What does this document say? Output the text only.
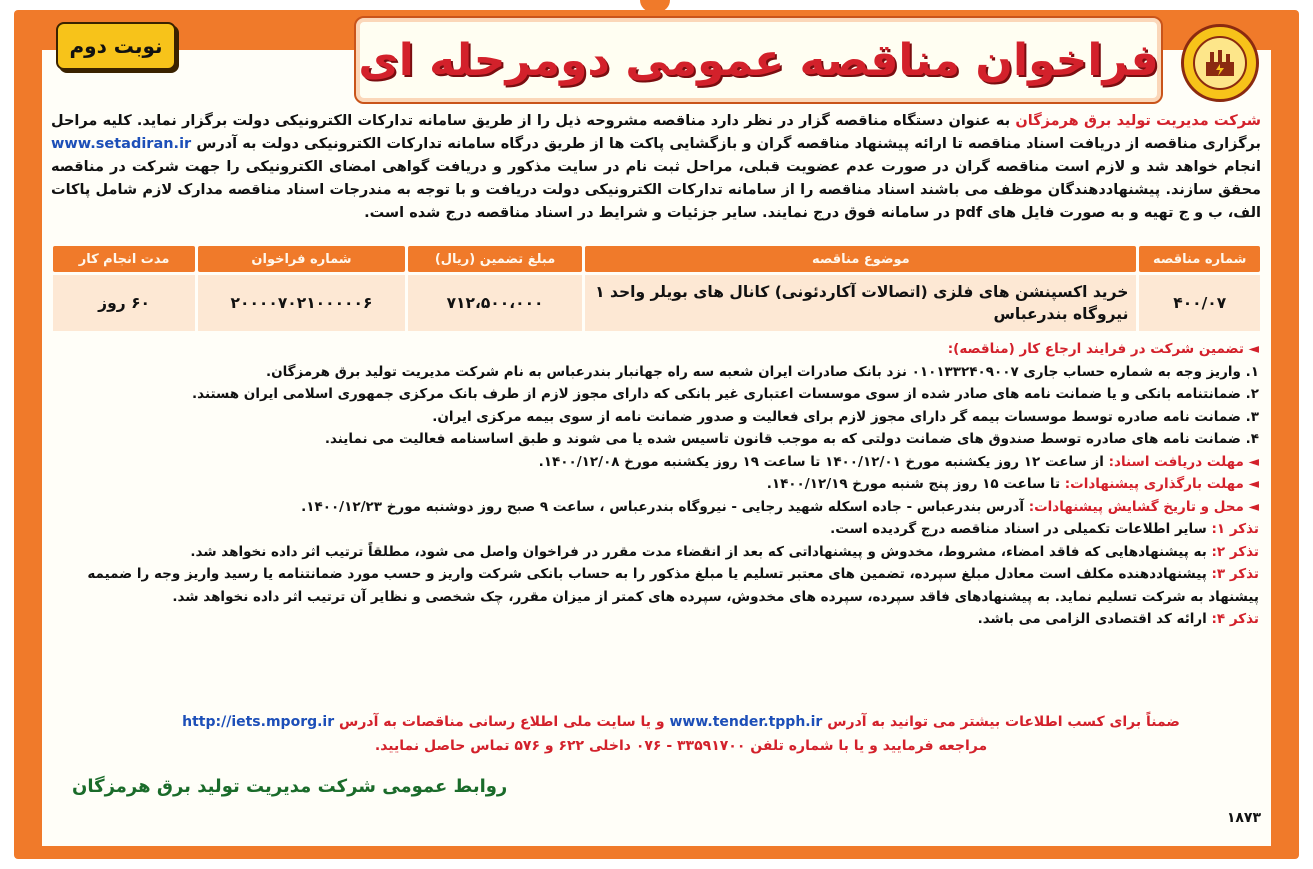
فراخوان مناقصه عمومی دومرحله ای
نوبت دوم
شرکت مدیریت تولید برق هرمزگان به عنوان دستگاه مناقصه گزار در نظر دارد مناقصه مشروحه ذیل را از طریق سامانه تدارکات الکترونیکی دولت برگزار نماید. کلیه مراحل برگزاری مناقصه از دریافت اسناد مناقصه تا ارائه پیشنهاد مناقصه گران و بازگشایی پاکت ها از طریق درگاه سامانه تدارکات الکترونیکی دولت به آدرس www.setadiran.ir انجام خواهد شد و لازم است مناقصه گران در صورت عدم عضویت قبلی، مراحل ثبت نام در سایت مذکور و دریافت گواهی امضای الکترونیکی را جهت شرکت در مناقصه محقق سازند. پیشنهاددهندگان موظف می باشند اسناد مناقصه را از سامانه تدارکات الکترونیکی دولت دریافت و با توجه به مندرجات اسناد مناقصه مدارک لازم شامل پاکات الف، ب و ج تهیه و به صورت فایل های pdf در سامانه فوق درج نمایند. سایر جزئیات و شرایط در اسناد مناقصه درج شده است.
شماره مناقصه	موضوع مناقصه	مبلغ تضمین (ریال)	شماره فراخوان	مدت انجام کار
۴۰۰/۰۷	خرید اکسپنشن های فلزی (اتصالات آکاردئونی) کانال های بویلر واحد ۱ نیروگاه بندرعباس	۷۱۲،۵۰۰،۰۰۰	۲۰۰۰۰۷۰۲۱۰۰۰۰۰۶	۶۰ روز
◄ تضمین شرکت در فرایند ارجاع کار (مناقصه):
۱. واریز وجه به شماره حساب جاری ۰۱۰۱۳۳۲۴۰۹۰۰۷ نزد بانک صادرات ایران شعبه سه راه جهانبار بندرعباس به نام شرکت مدیریت تولید برق هرمزگان.
۲. ضمانتنامه بانکی و یا ضمانت نامه های صادر شده از سوی موسسات اعتباری غیر بانکی که دارای مجوز لازم از طرف بانک مرکزی جمهوری اسلامی ایران هستند.
۳. ضمانت نامه صادره توسط موسسات بیمه گر دارای مجوز لازم برای فعالیت و صدور ضمانت نامه از سوی بیمه مرکزی ایران.
۴. ضمانت نامه های صادره توسط صندوق های ضمانت دولتی که به موجب قانون تاسیس شده یا می شوند و طبق اساسنامه فعالیت می نمایند.
◄ مهلت دریافت اسناد: از ساعت ۱۲ روز یکشنبه مورخ ۱۴۰۰/۱۲/۰۱ تا ساعت ۱۹ روز یکشنبه مورخ ۱۴۰۰/۱۲/۰۸.
◄ مهلت بارگذاری پیشنهادات: تا ساعت ۱۵ روز پنج شنبه مورخ ۱۴۰۰/۱۲/۱۹.
◄ محل و تاریخ گشایش پیشنهادات: آدرس بندرعباس - جاده اسکله شهید رجایی - نیروگاه بندرعباس ، ساعت ۹ صبح روز دوشنبه مورخ ۱۴۰۰/۱۲/۲۳.
تذکر ۱: سایر اطلاعات تکمیلی در اسناد مناقصه درج گردیده است.
تذکر ۲: به پیشنهادهایی که فاقد امضاء، مشروط، مخدوش و پیشنهاداتی که بعد از انقضاء مدت مقرر در فراخوان واصل می شود، مطلقاً ترتیب اثر داده نخواهد شد.
تذکر ۳: پیشنهاددهنده مکلف است معادل مبلغ سپرده، تضمین های معتبر تسلیم یا مبلغ مذکور را به حساب بانکی شرکت واریز و حسب مورد ضمانتنامه یا رسید واریز وجه را ضمیمه پیشنهاد به شرکت تسلیم نماید. به پیشنهادهای فاقد سپرده، سپرده های مخدوش، سپرده های کمتر از میزان مقرر، چک شخصی و نظایر آن ترتیب اثر داده نخواهد شد.
تذکر ۴: ارائه کد اقتصادی الزامی می باشد.
ضمناً برای کسب اطلاعات بیشتر می توانید به آدرس www.tender.tpph.ir و یا سایت ملی اطلاع رسانی مناقصات به آدرس http://iets.mporg.ir
مراجعه فرمایید و یا با شماره تلفن ۳۳۵۹۱۷۰۰ - ۰۷۶ داخلی ۶۲۲ و ۵۷۶ تماس حاصل نمایید.
روابط عمومی شرکت مدیریت تولید برق هرمزگان
۱۸۷۳
